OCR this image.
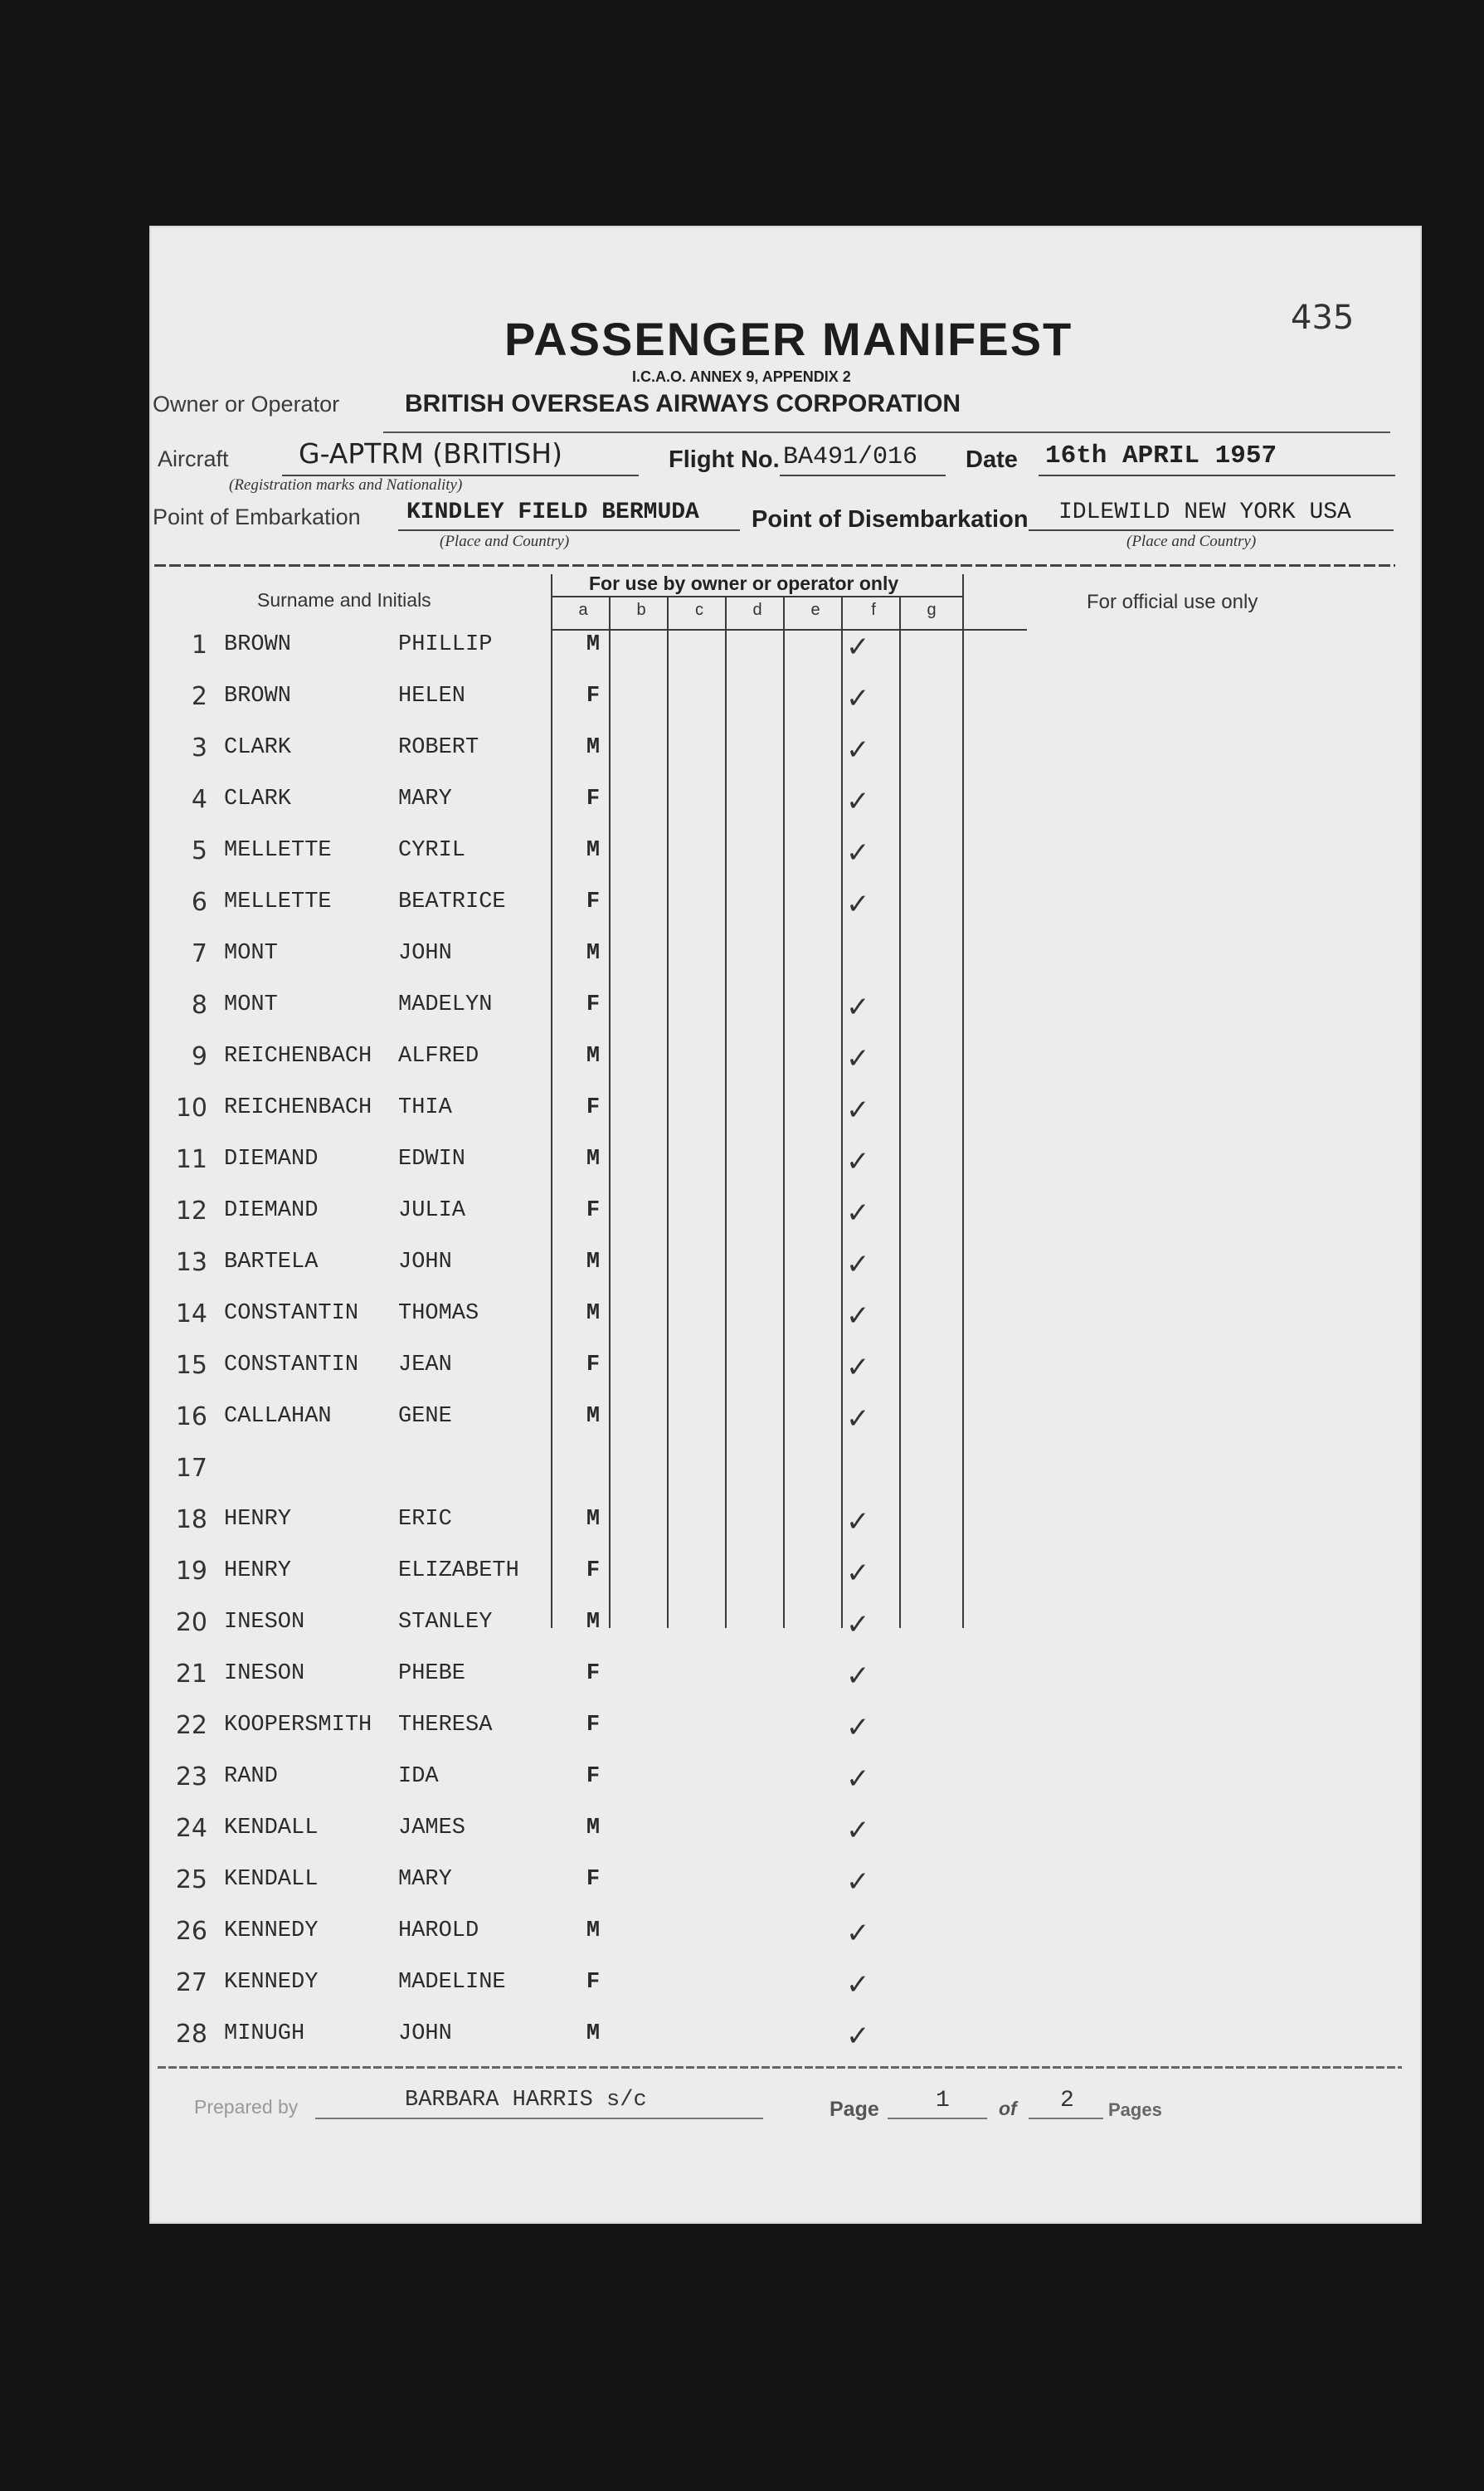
435
PASSENGER MANIFEST
I.C.A.O. ANNEX 9, APPENDIX 2
Owner or Operator	BRITISH OVERSEAS AIRWAYS CORPORATION
Aircraft	G-APTRM (BRITISH)
(Registration marks and Nationality)
Flight No. BA491/016 Date 16th APRIL 1957
Point of Embarkation KINDLEY FIELD BERMUDA
(Place and Country)
Point of Disembarkation IDLEWILD NEW YORK USA
(Place and Country)
Surname and Initials
For use by owner or operator only
For official use only
a	b	c	d	e	f	g
1 BROWN	PHILLIP	M	✓
2 BROWN	HELEN	F	✓
3 CLARK	ROBERT	M	✓
4 CLARK	MARY	F	✓
5 MELLETTE	CYRIL	M	✓
6 MELLETTE	BEATRICE	F	✓
7 MONT	JOHN	M
8 MONT	MADELYN	F	✓
9 REICHENBACH ALFRED	M	✓
10 REICHENBACH THIA	F	✓
11 DIEMAND	EDWIN	M	✓
12 DIEMAND	JULIA	F	✓
13 BARTELA	JOHN	M	✓
14 CONSTANTIN THOMAS	M	✓
15 CONSTANTIN JEAN	F	✓
16 CALLAHAN	GENE	M	✓
17
18 HENRY	ERIC	M	✓
19 HENRY	ELIZABETH	F	✓
20 INESON	STANLEY	M	✓
21 INESON	PHEBE	F	✓
22 KOOPERSMITH THERESA	F	✓
23 RAND	IDA	F	✓
24 KENDALL	JAMES	M	✓
25 KENDALL	MARY	F	✓
26 KENNEDY	HAROLD	M	✓
27 KENNEDY	MADELINE	F	✓
28 MINUGH	JOHN	M	✓
Prepared by	BARBARA HARRIS s/c	Page 1	of 2 Pages
